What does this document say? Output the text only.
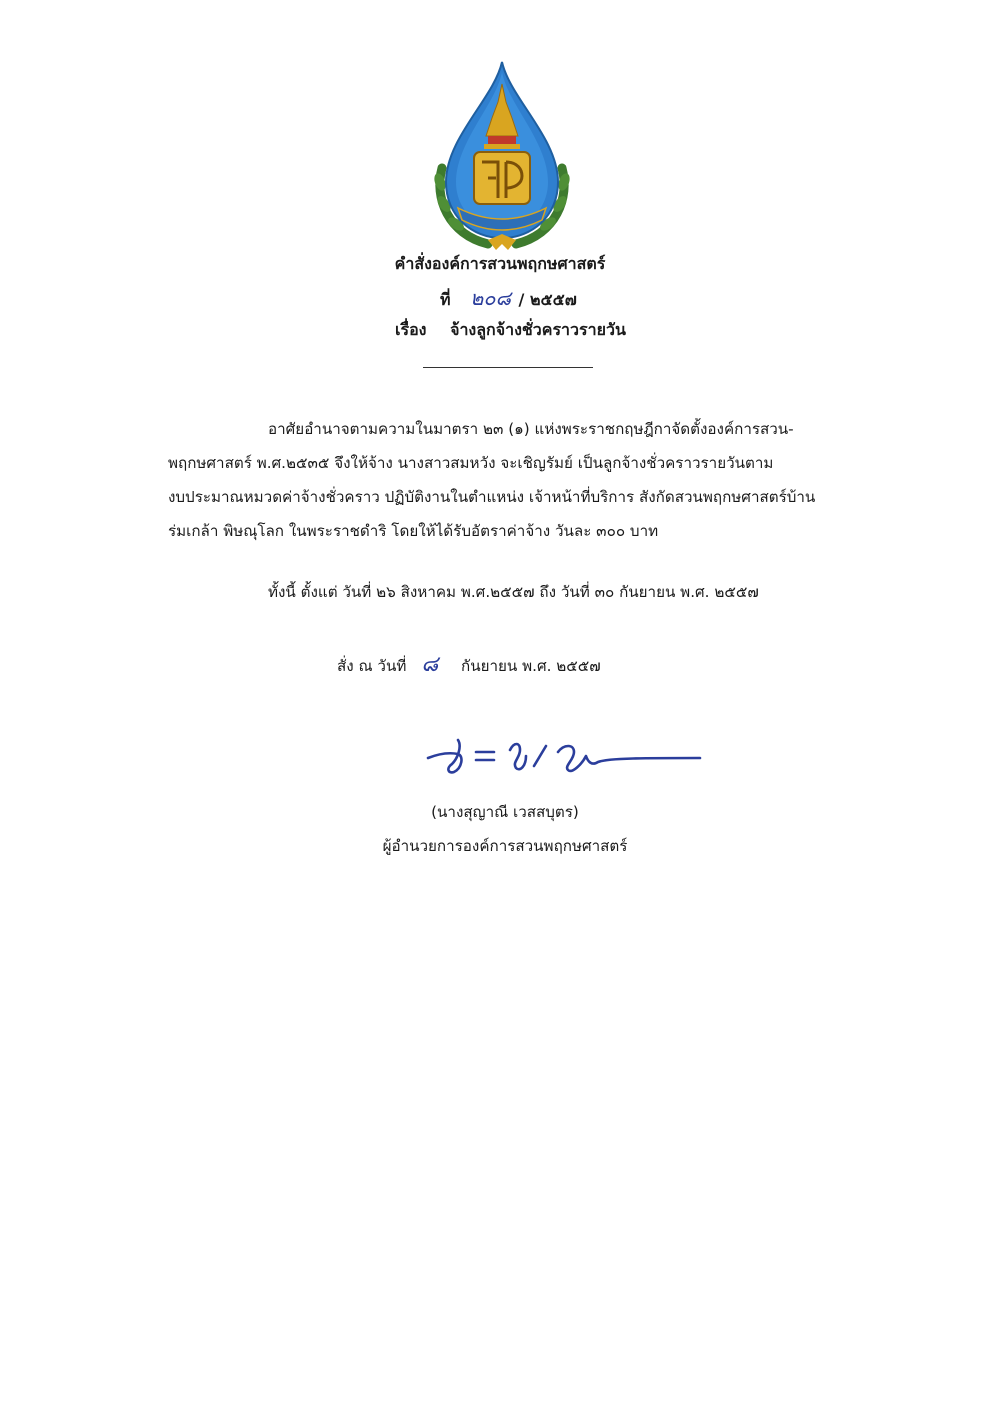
คำสั่งองค์การสวนพฤกษศาสตร์
ที่ ๒๐๘ / ๒๕๕๗
เรื่อง จ้างลูกจ้างชั่วคราวรายวัน
อาศัยอำนาจตามความในมาตรา ๒๓ (๑) แห่งพระราชกฤษฎีกาจัดตั้งองค์การสวน-
พฤกษศาสตร์ พ.ศ.๒๕๓๕ จึงให้จ้าง นางสาวสมหวัง จะเชิญรัมย์ เป็นลูกจ้างชั่วคราวรายวันตาม
งบประมาณหมวดค่าจ้างชั่วคราว ปฏิบัติงานในตำแหน่ง เจ้าหน้าที่บริการ สังกัดสวนพฤกษศาสตร์บ้าน
ร่มเกล้า พิษณุโลก ในพระราชดำริ โดยให้ได้รับอัตราค่าจ้าง วันละ ๓๐๐ บาท
ทั้งนี้ ตั้งแต่ วันที่ ๒๖ สิงหาคม พ.ศ.๒๕๕๗ ถึง วันที่ ๓๐ กันยายน พ.ศ. ๒๕๕๗
สั่ง ณ วันที่ ๘ กันยายน พ.ศ. ๒๕๕๗
(นางสุญาณี เวสสบุตร)
ผู้อำนวยการองค์การสวนพฤกษศาสตร์
